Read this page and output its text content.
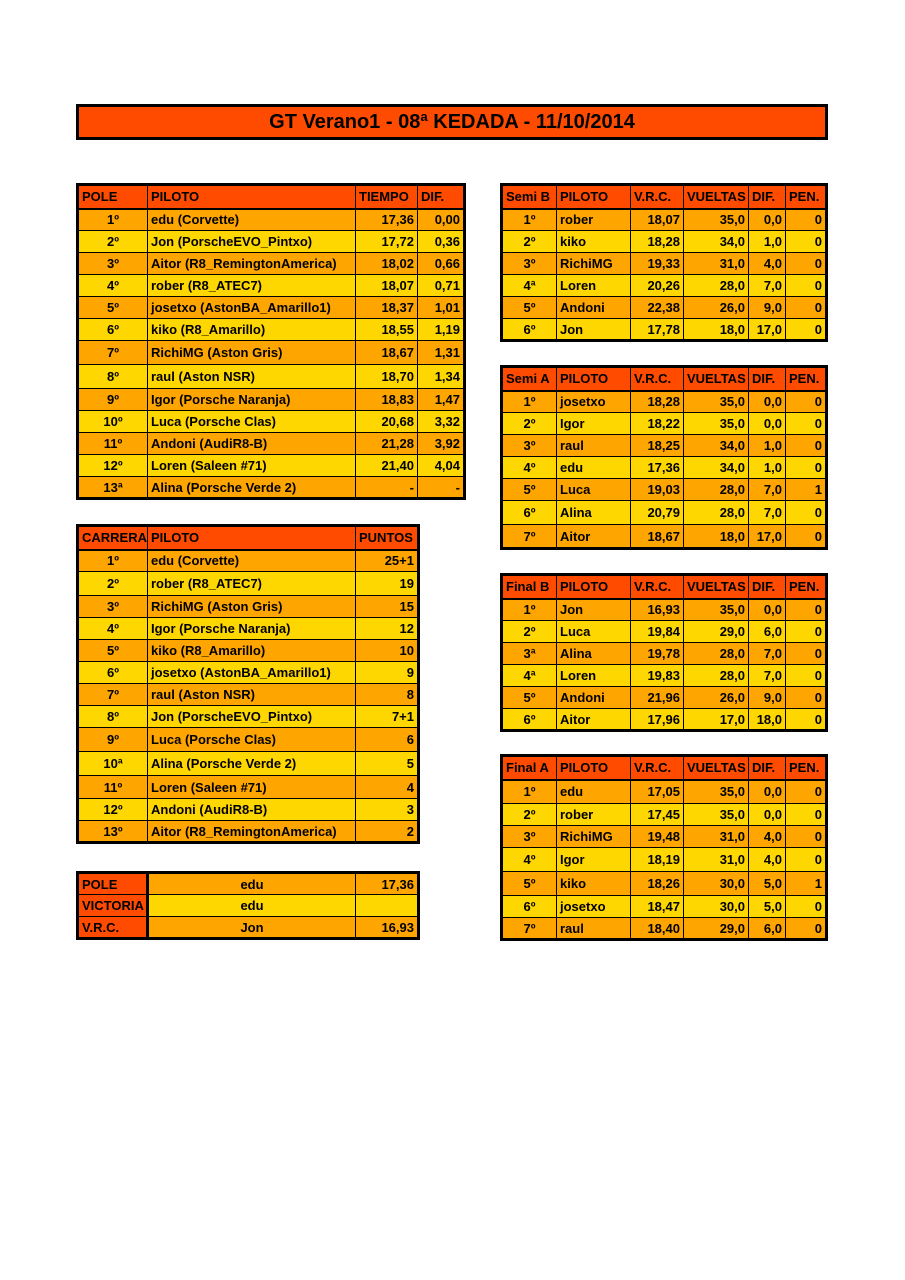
GT Verano1 - 08ª KEDADA - 11/10/2014
POLE	PILOTO	TIEMPO	DIF.
1º	edu (Corvette)	17,36	0,00
2º	Jon (PorscheEVO_Pintxo)	17,72	0,36
3º	Aitor (R8_RemingtonAmerica)	18,02	0,66
4º	rober (R8_ATEC7)	18,07	0,71
5º	josetxo (AstonBA_Amarillo1)	18,37	1,01
6º	kiko (R8_Amarillo)	18,55	1,19
7º	RichiMG (Aston Gris)	18,67	1,31
8º	raul (Aston NSR)	18,70	1,34
9º	Igor (Porsche Naranja)	18,83	1,47
10º	Luca (Porsche Clas)	20,68	3,32
11º	Andoni (AudiR8-B)	21,28	3,92
12º	Loren (Saleen #71)	21,40	4,04
13ª	Alina (Porsche Verde 2)	-	-
CARRERA	PILOTO	PUNTOS
1º	edu (Corvette)	25+1
2º	rober (R8_ATEC7)	19
3º	RichiMG (Aston Gris)	15
4º	Igor (Porsche Naranja)	12
5º	kiko (R8_Amarillo)	10
6º	josetxo (AstonBA_Amarillo1)	9
7º	raul (Aston NSR)	8
8º	Jon (PorscheEVO_Pintxo)	7+1
9º	Luca (Porsche Clas)	6
10ª	Alina (Porsche Verde 2)	5
11º	Loren (Saleen #71)	4
12º	Andoni (AudiR8-B)	3
13º	Aitor (R8_RemingtonAmerica)	2
POLE	edu	17,36
VICTORIA	edu	
V.R.C.	Jon	16,93
Semi B	PILOTO	V.R.C.	VUELTAS	DIF.	PEN.
1º	rober	18,07	35,0	0,0	0
2º	kiko	18,28	34,0	1,0	0
3º	RichiMG	19,33	31,0	4,0	0
4ª	Loren	20,26	28,0	7,0	0
5º	Andoni	22,38	26,0	9,0	0
6º	Jon	17,78	18,0	17,0	0
Semi A	PILOTO	V.R.C.	VUELTAS	DIF.	PEN.
1º	josetxo	18,28	35,0	0,0	0
2º	Igor	18,22	35,0	0,0	0
3º	raul	18,25	34,0	1,0	0
4º	edu	17,36	34,0	1,0	0
5º	Luca	19,03	28,0	7,0	1
6º	Alina	20,79	28,0	7,0	0
7º	Aitor	18,67	18,0	17,0	0
Final B	PILOTO	V.R.C.	VUELTAS	DIF.	PEN.
1º	Jon	16,93	35,0	0,0	0
2º	Luca	19,84	29,0	6,0	0
3ª	Alina	19,78	28,0	7,0	0
4ª	Loren	19,83	28,0	7,0	0
5º	Andoni	21,96	26,0	9,0	0
6º	Aitor	17,96	17,0	18,0	0
Final A	PILOTO	V.R.C.	VUELTAS	DIF.	PEN.
1º	edu	17,05	35,0	0,0	0
2º	rober	17,45	35,0	0,0	0
3º	RichiMG	19,48	31,0	4,0	0
4º	Igor	18,19	31,0	4,0	0
5º	kiko	18,26	30,0	5,0	1
6º	josetxo	18,47	30,0	5,0	0
7º	raul	18,40	29,0	6,0	0
